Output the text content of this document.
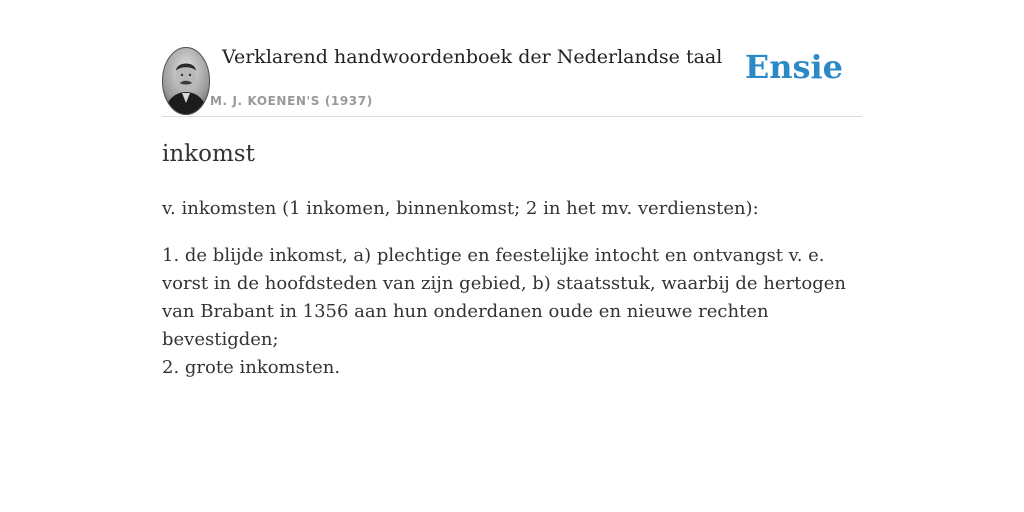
Verklarend handwoordenboek der Nederlandse taal
M. J. KOENEN'S (1937)
Ensie
inkomst

v. inkomsten (1 inkomen, binnenkomst; 2 in het mv. verdiensten):

1. de blijde inkomst, a) plechtige en feestelijke intocht en ontvangst v. e. vorst in de hoofdsteden van zijn gebied, b) staatsstuk, waarbij de hertogen van Brabant in 1356 aan hun onderdanen oude en nieuwe rechten bevestigden;
2. grote inkomsten.
